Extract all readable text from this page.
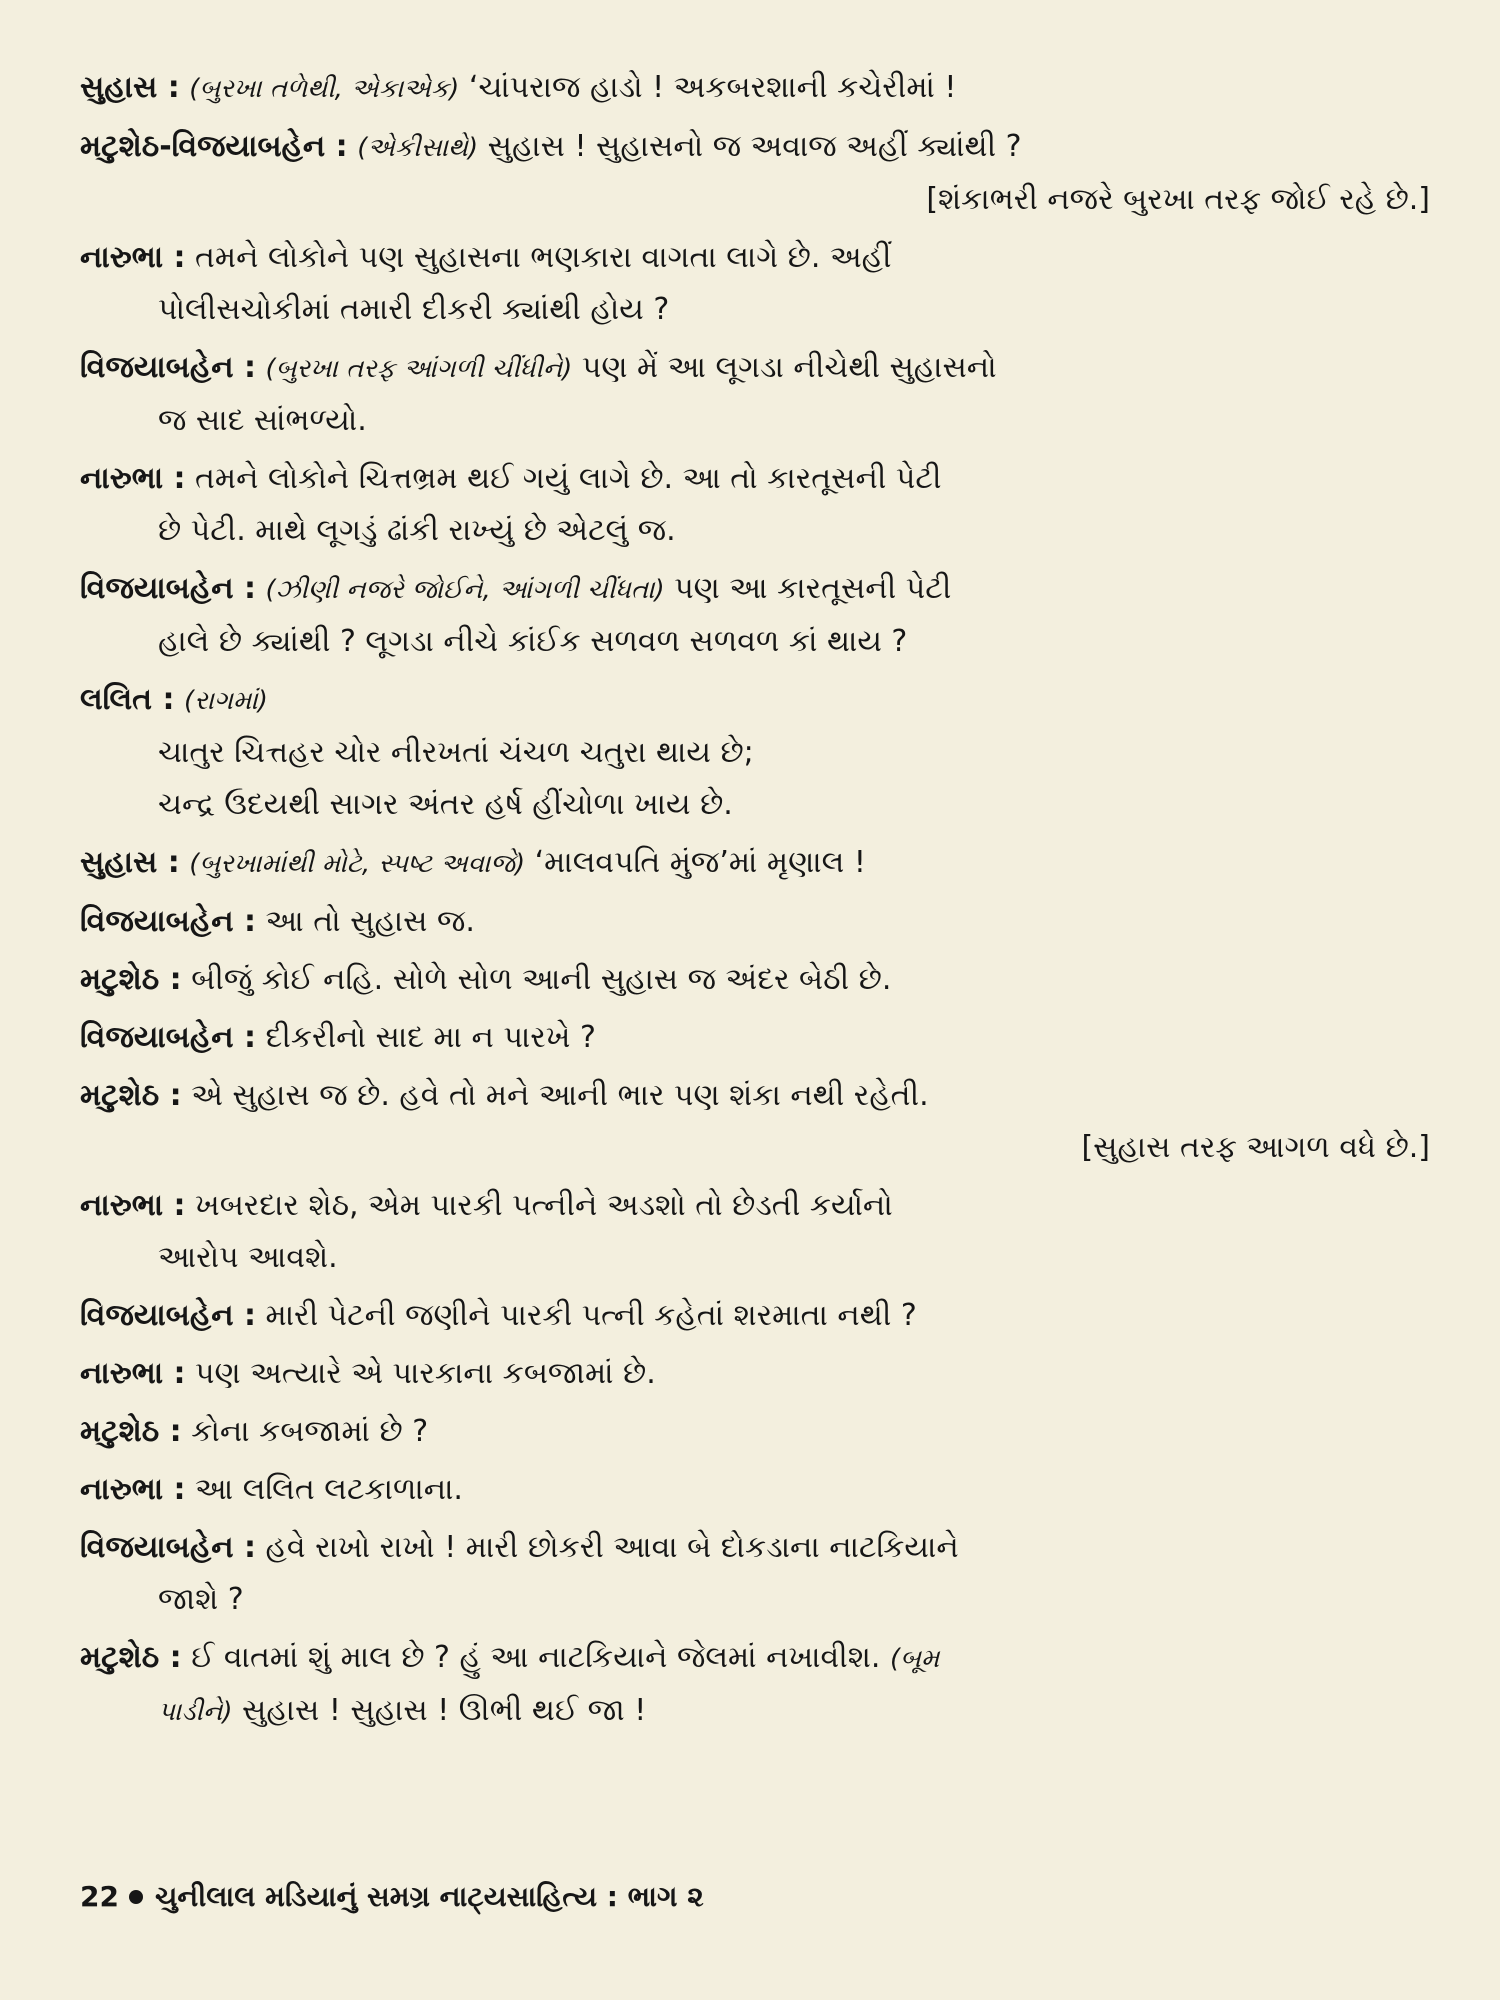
સુહાસ : (બુરખા તળેથી, એકાએક) ‘ચાંપરાજ હાડો ! અકબરશાની કચેરીમાં !
મટુશેઠ-વિજયાબહેન : (એકીસાથે) સુહાસ ! સુહાસનો જ અવાજ અહીં ક્યાંથી ?
[શંકાભરી નજરે બુરખા તરફ જોઈ રહે છે.]
નારુભા : તમને લોકોને પણ સુહાસના ભણકારા વાગતા લાગે છે. અહીં
પોલીસચોકીમાં તમારી દીકરી ક્યાંથી હોય ?
વિજયાબહેન : (બુરખા તરફ આંગળી ચીંધીને) પણ મેં આ લૂગડા નીચેથી સુહાસનો
જ સાદ સાંભળ્યો.
નારુભા : તમને લોકોને ચિત્તભ્રમ થઈ ગયું લાગે છે. આ તો કારતૂસની પેટી
છે પેટી. માથે લૂગડું ઢાંકી રાખ્યું છે એટલું જ.
વિજયાબહેન : (ઝીણી નજરે જોઈને, આંગળી ચીંધતા) પણ આ કારતૂસની પેટી
હાલે છે ક્યાંથી ? લૂગડા નીચે કાંઈક સળવળ સળવળ કાં થાય ?
લલિત : (રાગમાં)
ચાતુર ચિત્તહર ચોર નીરખતાં ચંચળ ચતુરા થાય છે;
ચન્દ્ર ઉદયથી સાગર અંતર હર્ષ હીંચોળા ખાય છે.
સુહાસ : (બુરખામાંથી મોટે, સ્પષ્ટ અવાજે) ‘માલવપતિ મુંજ’માં મૃણાલ !
વિજયાબહેન : આ તો સુહાસ જ.
મટુશેઠ : બીજું કોઈ નહિ. સોળે સોળ આની સુહાસ જ અંદર બેઠી છે.
વિજયાબહેન : દીકરીનો સાદ મા ન પારખે ?
મટુશેઠ : એ સુહાસ જ છે. હવે તો મને આની ભાર પણ શંકા નથી રહેતી.
[સુહાસ તરફ આગળ વધે છે.]
નારુભા : ખબરદાર શેઠ, એમ પારકી પત્નીને અડશો તો છેડતી કર્યાનો
આરોપ આવશે.
વિજયાબહેન : મારી પેટની જણીને પારકી પત્ની કહેતાં શરમાતા નથી ?
નારુભા : પણ અત્યારે એ પારકાના કબજામાં છે.
મટુશેઠ : કોના કબજામાં છે ?
નારુભા : આ લલિત લટકાળાના.
વિજયાબહેન : હવે રાખો રાખો ! મારી છોકરી આવા બે દોકડાના નાટકિયાને
જાશે ?
મટુશેઠ : ઈ વાતમાં શું માલ છે ? હું આ નાટકિયાને જેલમાં નખાવીશ. (બૂમ
પાડીને) સુહાસ ! સુહાસ ! ઊભી થઈ જા !
22 ચુનીલાલ મડિયાનું સમગ્ર નાટ્યસાહિત્ય : ભાગ ૨
